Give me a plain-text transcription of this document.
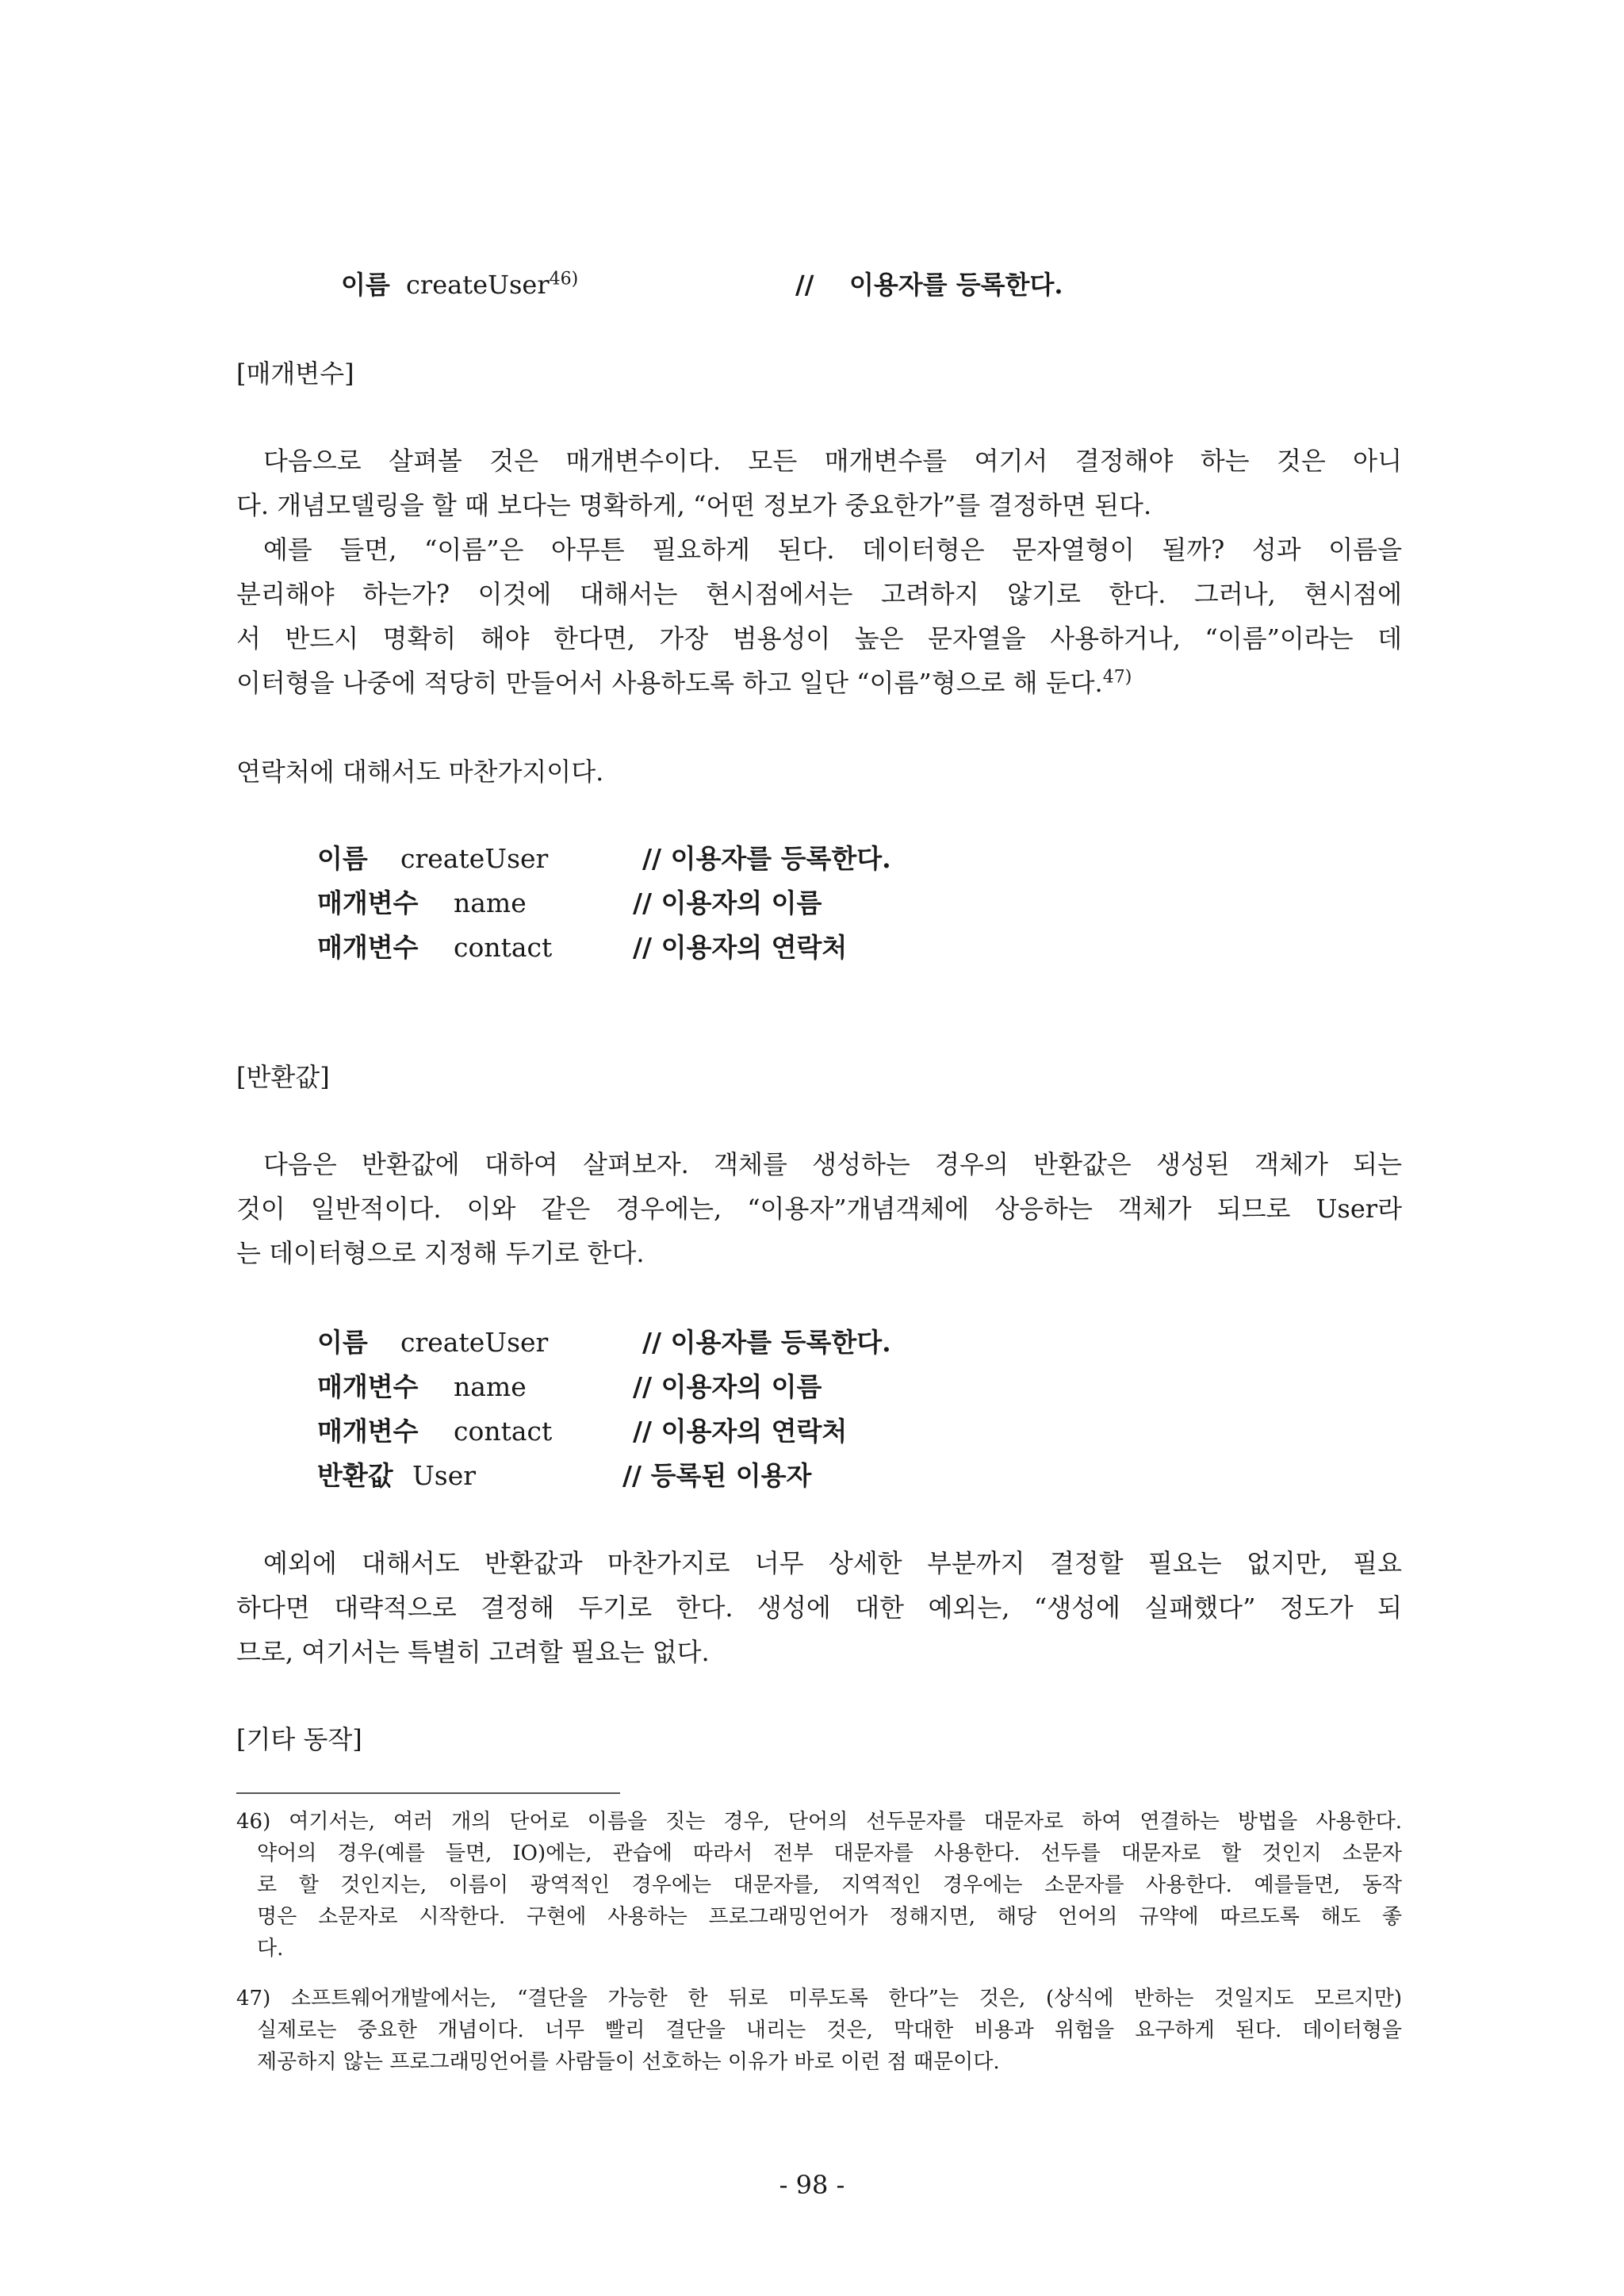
이름 createUser$^{46)}$	//    이용자를 등록한다.
[매개변수]
다음으로 살펴볼 것은 매개변수이다. 모든 매개변수를 여기서 결정해야 하는 것은 아니
다. 개념모델링을 할 때 보다는 명확하게, “어떤 정보가 중요한가”를 결정하면 된다.
예를 들면, “이름”은 아무튼 필요하게 된다. 데이터형은 문자열형이 될까? 성과 이름을
분리해야 하는가? 이것에 대해서는 현시점에서는 고려하지 않기로 한다. 그러나, 현시점에
서 반드시 명확히 해야 한다면, 가장 범용성이 높은 문자열을 사용하거나, “이름”이라는 데
이터형을 나중에 적당히 만들어서 사용하도록 하고 일단 “이름”형으로 해 둔다.$^{47)}$
연락처에 대해서도 마찬가지이다.
이름 createUser	// 이용자를 등록한다.
매개변수 name	// 이용자의 이름
매개변수 contact	// 이용자의 연락처
[반환값]
다음은 반환값에 대하여 살펴보자. 객체를 생성하는 경우의 반환값은 생성된 객체가 되는
것이 일반적이다. 이와 같은 경우에는, “이용자”개념객체에 상응하는 객체가 되므로 User라
는 데이터형으로 지정해 두기로 한다.
이름 createUser	// 이용자를 등록한다.
매개변수 name	// 이용자의 이름
매개변수 contact	// 이용자의 연락처
반환값 User	// 등록된 이용자
예외에 대해서도 반환값과 마찬가지로 너무 상세한 부분까지 결정할 필요는 없지만, 필요
하다면 대략적으로 결정해 두기로 한다. 생성에 대한 예외는, “생성에 실패했다” 정도가 되
므로, 여기서는 특별히 고려할 필요는 없다.
[기타 동작]
46) 여기서는, 여러 개의 단어로 이름을 짓는 경우, 단어의 선두문자를 대문자로 하여 연결하는 방법을 사용한다.
약어의 경우(예를 들면, IO)에는, 관습에 따라서 전부 대문자를 사용한다. 선두를 대문자로 할 것인지 소문자
로 할 것인지는, 이름이 광역적인 경우에는 대문자를, 지역적인 경우에는 소문자를 사용한다. 예를들면, 동작
명은 소문자로 시작한다. 구현에 사용하는 프로그래밍언어가 정해지면, 해당 언어의 규약에 따르도록 해도 좋
다.
47) 소프트웨어개발에서는, “결단을 가능한 한 뒤로 미루도록 한다”는 것은, (상식에 반하는 것일지도 모르지만)
실제로는 중요한 개념이다. 너무 빨리 결단을 내리는 것은, 막대한 비용과 위험을 요구하게 된다. 데이터형을
제공하지 않는 프로그래밍언어를 사람들이 선호하는 이유가 바로 이런 점 때문이다.
- 98 -
